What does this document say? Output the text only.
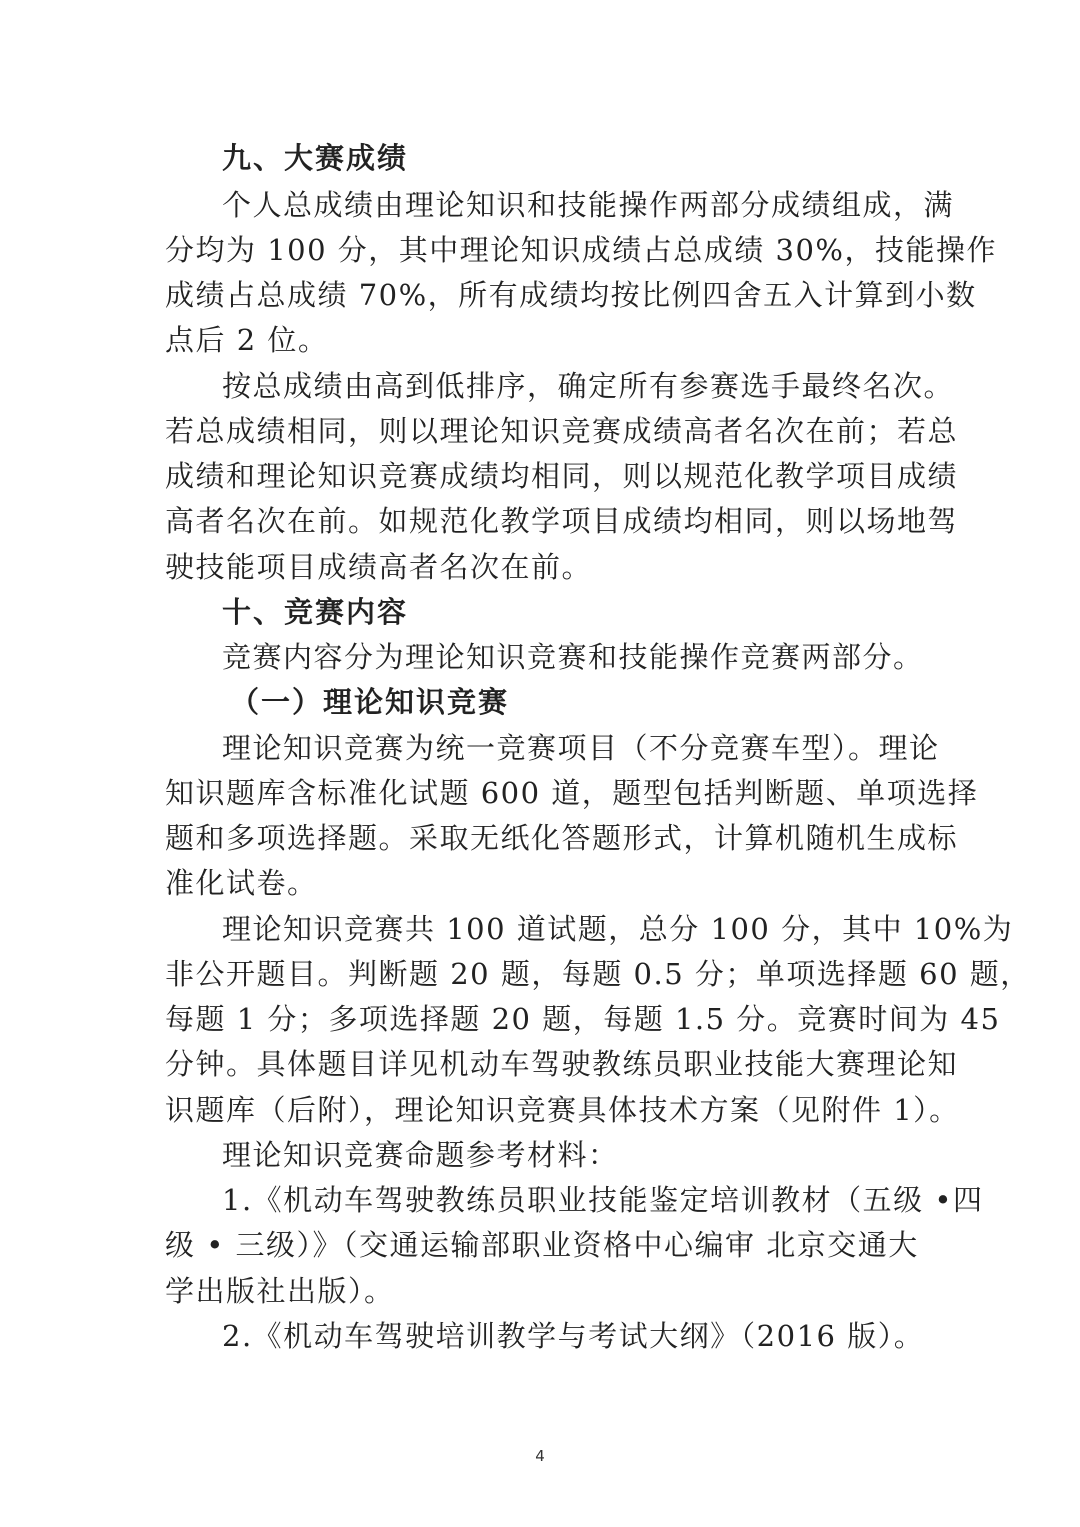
九、大赛成绩
个人总成绩由理论知识和技能操作两部分成绩组成，满
分均为 100 分，其中理论知识成绩占总成绩 30%，技能操作
成绩占总成绩 70%，所有成绩均按比例四舍五入计算到小数
点后 2 位。
按总成绩由高到低排序，确定所有参赛选手最终名次。
若总成绩相同，则以理论知识竞赛成绩高者名次在前；若总
成绩和理论知识竞赛成绩均相同，则以规范化教学项目成绩
高者名次在前。如规范化教学项目成绩均相同，则以场地驾
驶技能项目成绩高者名次在前。
十、竞赛内容
竞赛内容分为理论知识竞赛和技能操作竞赛两部分。
（一）理论知识竞赛
理论知识竞赛为统一竞赛项目（不分竞赛车型）。理论
知识题库含标准化试题 600 道，题型包括判断题、单项选择
题和多项选择题。采取无纸化答题形式，计算机随机生成标
准化试卷。
理论知识竞赛共 100 道试题，总分 100 分，其中 10%为
非公开题目。判断题 20 题，每题 0.5 分；单项选择题 60 题，
每题 1 分；多项选择题 20 题，每题 1.5 分。竞赛时间为 45
分钟。具体题目详见机动车驾驶教练员职业技能大赛理论知
识题库（后附），理论知识竞赛具体技术方案（见附件 1）。
理论知识竞赛命题参考材料：
1.《机动车驾驶教练员职业技能鉴定培训教材（五级 •四
级 • 三级）》（交通运输部职业资格中心编审 北京交通大
学出版社出版）。
2.《机动车驾驶培训教学与考试大纲》（2016 版）。
4
